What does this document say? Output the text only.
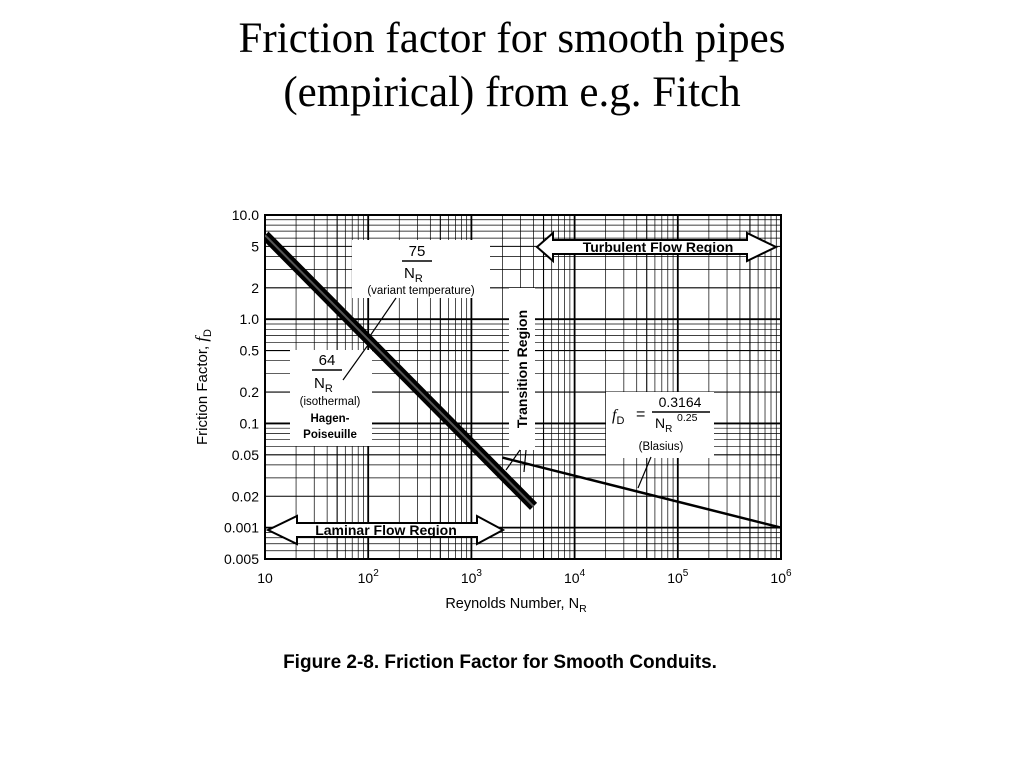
Friction factor for smooth pipes
(empirical) from e.g. Fitch
Turbulent Flow Region
Laminar Flow Region
Transition Region
75
$N_R$
(variant temperature)
64
$N_R$
(isothermal)
Hagen-
Poiseuille
$f_D$ =
0.3164
$N_R$
0.25
(Blasius)
10	$10^2$	$10^3$	$10^4$	$10^5$	$10^6$
10.0
5
2
1.0
0.5
0.2
0.1
0.05
0.02
0.001
0.005
Reynolds Number, $N_R$
Friction Factor, $f_D$
Figure 2-8. Friction Factor for Smooth Conduits.
